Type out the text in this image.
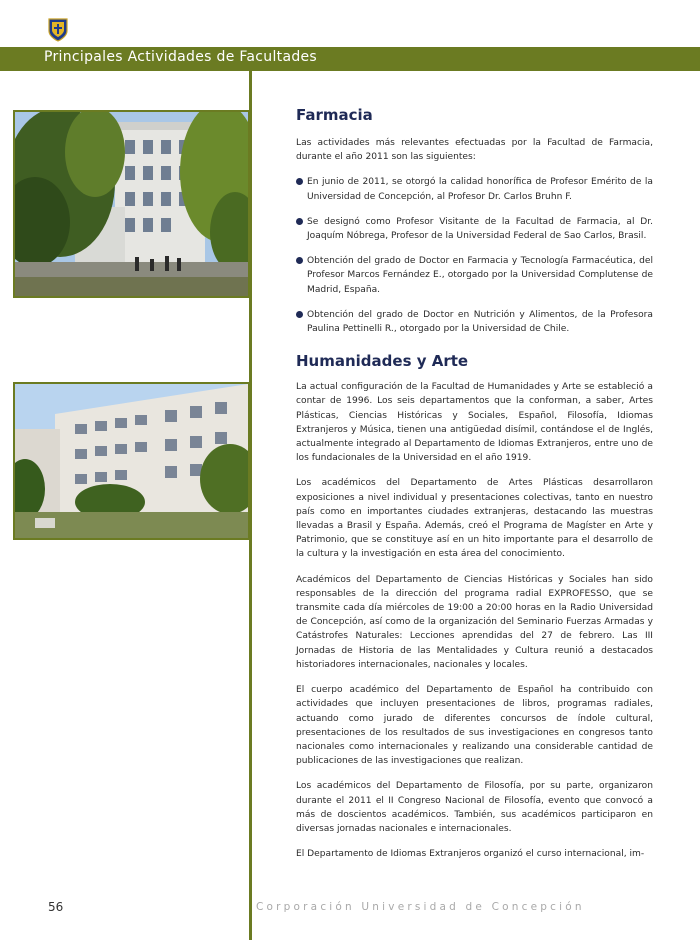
Principales Actividades de Facultades
Farmacia

Las actividades más relevantes efectuadas por la Facultad de Farmacia, durante el año 2011 son las siguientes:

En junio de 2011, se otorgó la calidad honorífica de Profesor Emérito de la Universidad de Concepción, al Profesor Dr. Carlos Bruhn F.
Se designó como Profesor Visitante de la Facultad de Farmacia, al Dr. Joaquím Nóbrega, Profesor de la Universidad Federal de Sao Carlos, Brasil.
Obtención del grado de Doctor en Farmacia y Tecnología Farmacéutica, del Profesor Marcos Fernández E., otorgado por la Universidad Complutense de Madrid, España.
Obtención del grado de Doctor en Nutrición y Alimentos, de la Profesora Paulina Pettinelli R., otorgado por la Universidad de Chile.
Humanidades y Arte

La actual configuración de la Facultad de Humanidades y Arte se estableció a contar de 1996. Los seis departamentos que la conforman, a saber, Artes Plásticas, Ciencias Históricas y Sociales, Español, Filosofía, Idiomas Extranjeros y Música, tienen una antigüedad disímil, contándose el de Inglés, actualmente integrado al Departamento de Idiomas Extranjeros, entre uno de los fundacionales de la Universidad en el año 1919.

Los académicos del Departamento de Artes Plásticas desarrollaron exposiciones a nivel individual y presentaciones colectivas, tanto en nuestro país como en importantes ciudades extranjeras, destacando las muestras llevadas a Brasil y España. Además, creó el Programa de Magíster en Arte y Patrimonio, que se constituye así en un hito importante para el desarrollo de la cultura y la investigación en esta área del conocimiento.

Académicos del Departamento de Ciencias Históricas y Sociales han sido responsables de la dirección del programa radial EXPROFESSO, que se transmite cada día miércoles de 19:00 a 20:00 horas en la Radio Universidad de Concepción, así como de la organización del Seminario Fuerzas Armadas y Catástrofes Naturales: Lecciones aprendidas del 27 de febrero. Las III Jornadas de Historia de las Mentalidades y Cultura reunió a destacados historiadores internacionales, nacionales y locales.

El cuerpo académico del Departamento de Español ha contribuido con actividades que incluyen presentaciones de libros, programas radiales, actuando como jurado de diferentes concursos de índole cultural, presentaciones de los resultados de sus investigaciones en congresos tanto nacionales como internacionales y realizando una considerable cantidad de publicaciones de las investigaciones que realizan.

Los académicos del Departamento de Filosofía, por su parte, organizaron durante el 2011 el II Congreso Nacional de Filosofía, evento que convocó a más de doscientos académicos. También, sus académicos participaron en diversas jornadas nacionales e internacionales.

El Departamento de Idiomas Extranjeros organizó el curso internacional, im-

56	Corporación Universidad de Concepción
